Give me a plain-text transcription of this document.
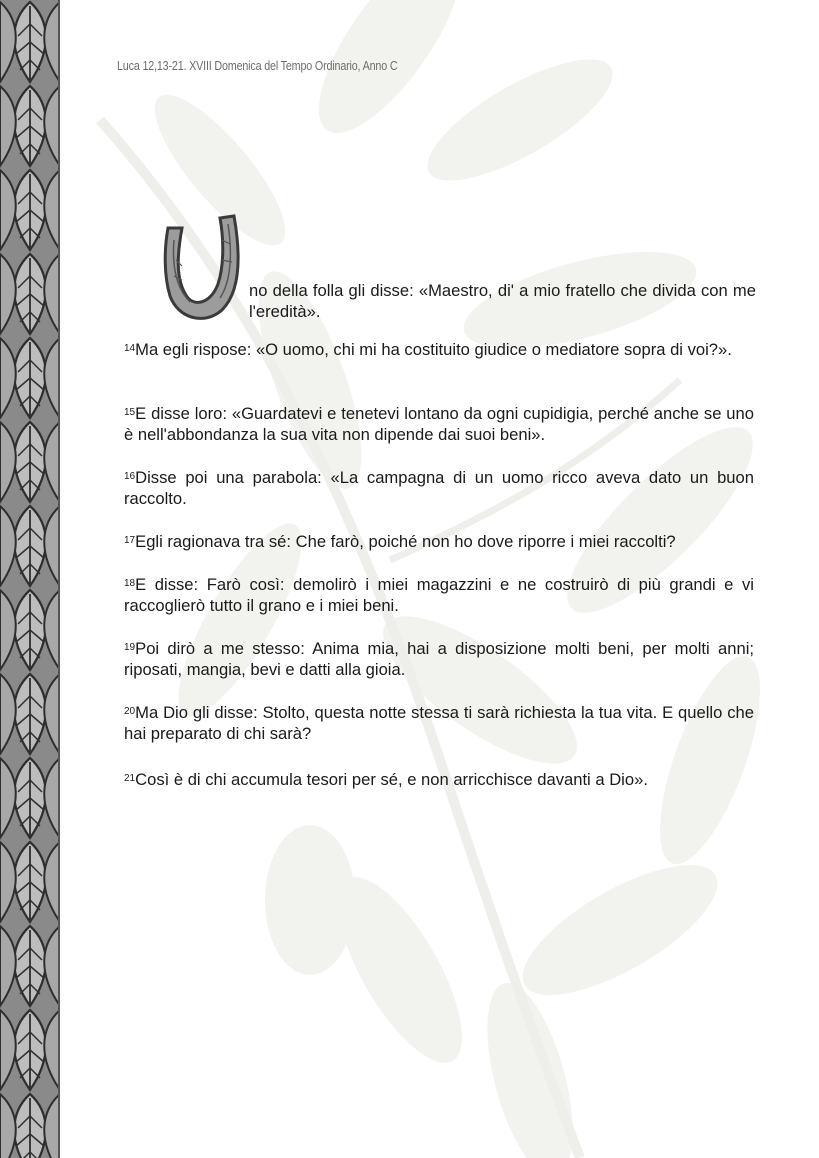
Luca 12,13-21. XVIII Domenica del Tempo Ordinario, Anno C
no della folla gli disse: «Maestro, di' a mio fratello che divida con me l'eredità».
$^{14}$Ma egli rispose: «O uomo, chi mi ha costituito giudice o mediatore sopra di voi?».
$^{15}$E disse loro: «Guardatevi e tenetevi lontano da ogni cupidigia, perché anche se uno è nell'abbondanza la sua vita non dipende dai suoi beni».
$^{16}$Disse poi una parabola: «La campagna di un uomo ricco aveva dato un buon raccolto.
$^{17}$Egli ragionava tra sé: Che farò, poiché non ho dove riporre i miei raccolti?
$^{18}$E disse: Farò così: demolirò i miei magazzini e ne costruirò di più grandi e vi raccoglierò tutto il grano e i miei beni.
$^{19}$Poi dirò a me stesso: Anima mia, hai a disposizione molti beni, per molti anni; riposati, mangia, bevi e datti alla gioia.
$^{20}$Ma Dio gli disse: Stolto, questa notte stessa ti sarà richiesta la tua vita. E quello che hai preparato di chi sarà?
$^{21}$Così è di chi accumula tesori per sé, e non arricchisce davanti a Dio».
